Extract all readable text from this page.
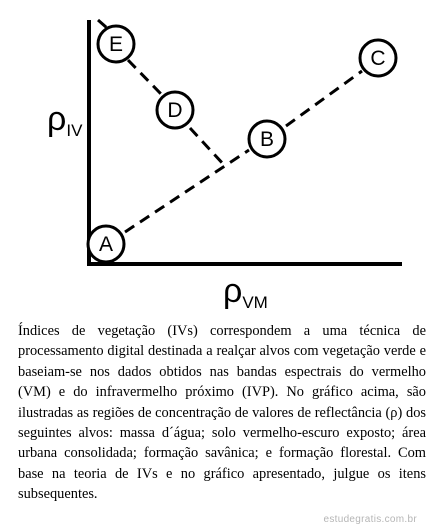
A
B
C
D
E
ρIV
ρVM

Índices de vegetação (IVs) correspondem a uma técnica de processamento digital destinada a realçar alvos com vegetação verde e baseiam-se nos dados obtidos nas bandas espectrais do vermelho (VM) e do infravermelho próximo (IVP). No gráfico acima, são ilustradas as regiões de concentração de valores de reflectância (ρ) dos seguintes alvos: massa d´água; solo vermelho-escuro exposto; área urbana consolidada; formação savânica; e formação florestal. Com base na teoria de IVs e no gráfico apresentado, julgue os itens subsequentes.

estudegratis.com.br
